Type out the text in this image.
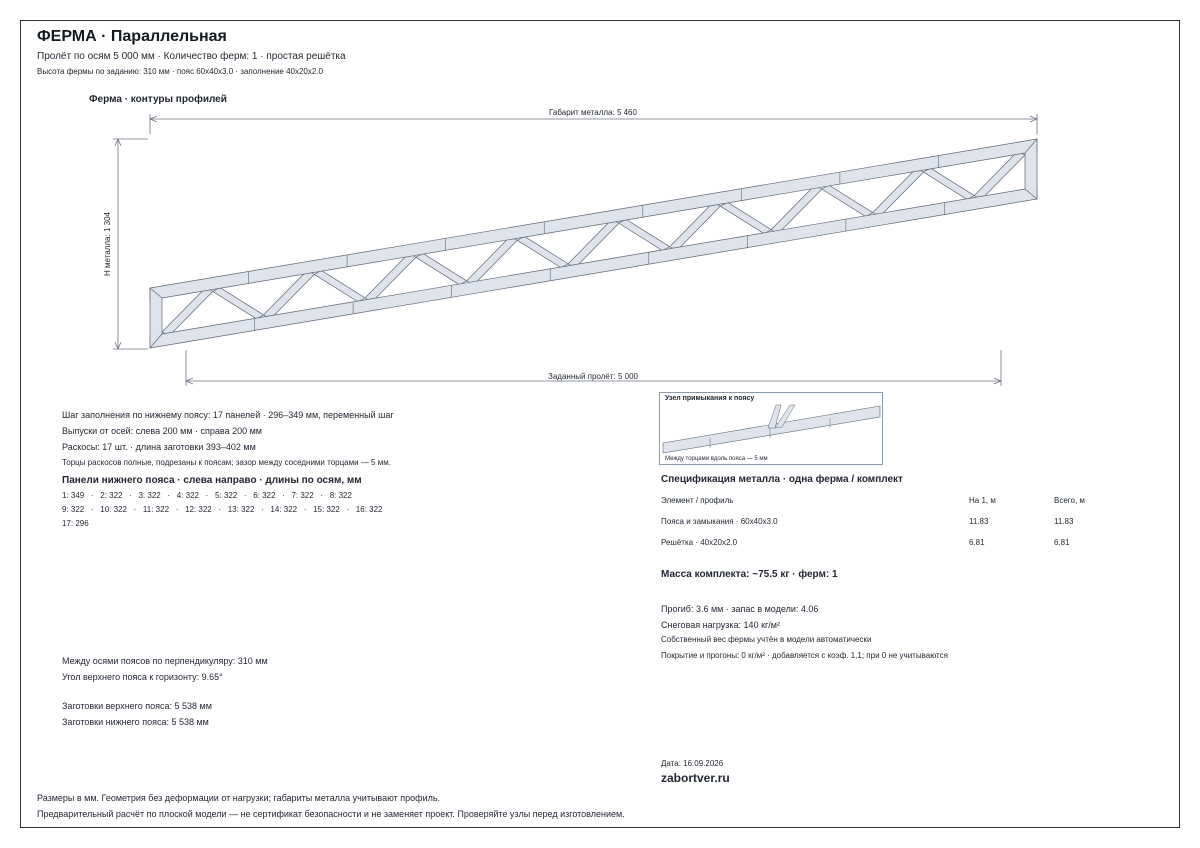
ФЕРМА · Параллельная
Пролёт по осям 5 000 мм · Количество ферм: 1 · простая решётка
Высота фермы по заданию: 310 мм · пояс 60x40x3.0 · заполнение 40x20x2.0
Ферма · контуры профилей
Габарит металла: 5 460
H металла: 1 304
Заданный пролёт: 5 000
Узел примыкания к поясу
Между торцами вдоль пояса — 5 мм
Шаг заполнения по нижнему поясу: 17 панелей · 296–349 мм, переменный шаг
Выпуски от осей: слева 200 мм · справа 200 мм
Раскосы: 17 шт. · длина заготовки 393–402 мм
Торцы раскосов полные, подрезаны к поясам; зазор между соседними торцами — 5 мм.
Панели нижнего пояса · слева направо · длины по осям, мм
1: 349   ·   2: 322   ·   3: 322   ·   4: 322   ·   5: 322   ·   6: 322   ·   7: 322   ·   8: 322
9: 322   ·   10: 322   ·   11: 322   ·   12: 322   ·   13: 322   ·   14: 322   ·   15: 322   ·   16: 322
17: 296
Между осями поясов по перпендикуляру: 310 мм
Угол верхнего пояса к горизонту: 9.65°
Заготовки верхнего пояса: 5 538 мм
Заготовки нижнего пояса: 5 538 мм
Спецификация металла · одна ферма / комплект
Элемент / профиль	На 1, м	Всего, м
Пояса и замыкания · 60x40x3.0	11.83	11.83
Решётка · 40x20x2.0	6.81	6.81
Масса комплекта: ~75.5 кг · ферм: 1
Прогиб: 3.6 мм · запас в модели: 4.06
Снеговая нагрузка: 140 кг/м²
Собственный вес фермы учтён в модели автоматически
Покрытие и прогоны: 0 кг/м² · добавляется с коэф. 1,1; при 0 не учитываются
Дата: 16.09.2026
zabortver.ru
Размеры в мм. Геометрия без деформации от нагрузки; габариты металла учитывают профиль.
Предварительный расчёт по плоской модели — не сертификат безопасности и не заменяет проект. Проверяйте узлы перед изготовлением.
